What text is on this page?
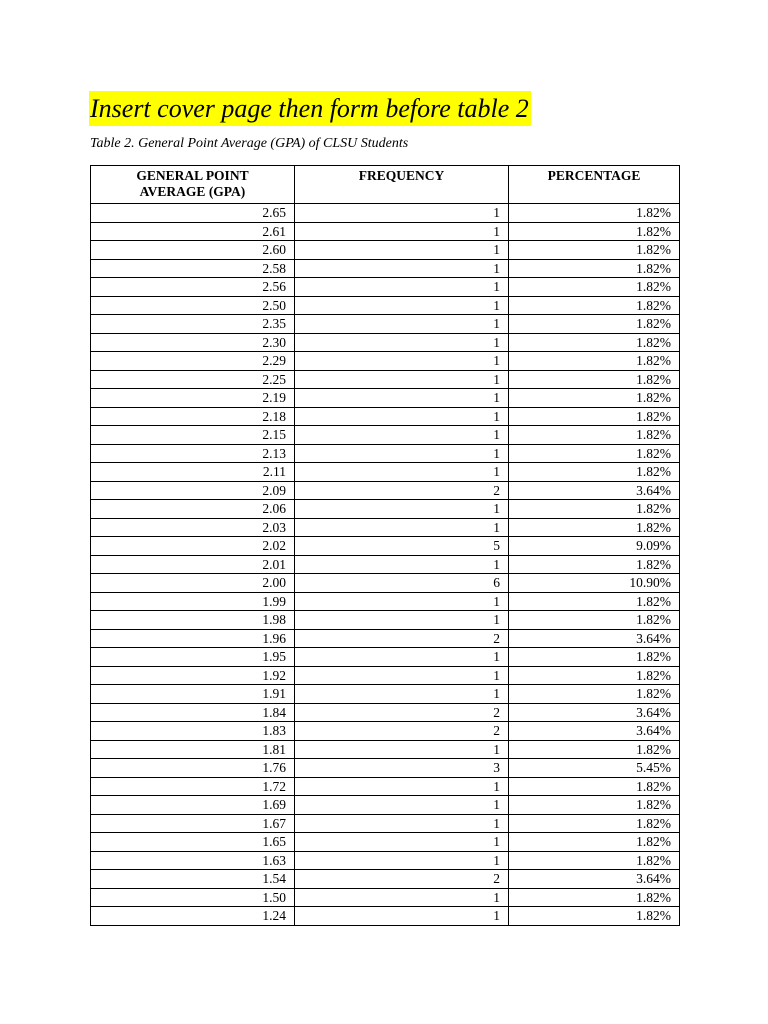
Insert cover page then form before table 2
Table 2. General Point Average (GPA) of CLSU Students
GENERAL POINT
AVERAGE (GPA)	FREQUENCY	PERCENTAGE
2.65	1	1.82%
2.61	1	1.82%
2.60	1	1.82%
2.58	1	1.82%
2.56	1	1.82%
2.50	1	1.82%
2.35	1	1.82%
2.30	1	1.82%
2.29	1	1.82%
2.25	1	1.82%
2.19	1	1.82%
2.18	1	1.82%
2.15	1	1.82%
2.13	1	1.82%
2.11	1	1.82%
2.09	2	3.64%
2.06	1	1.82%
2.03	1	1.82%
2.02	5	9.09%
2.01	1	1.82%
2.00	6	10.90%
1.99	1	1.82%
1.98	1	1.82%
1.96	2	3.64%
1.95	1	1.82%
1.92	1	1.82%
1.91	1	1.82%
1.84	2	3.64%
1.83	2	3.64%
1.81	1	1.82%
1.76	3	5.45%
1.72	1	1.82%
1.69	1	1.82%
1.67	1	1.82%
1.65	1	1.82%
1.63	1	1.82%
1.54	2	3.64%
1.50	1	1.82%
1.24	1	1.82%
